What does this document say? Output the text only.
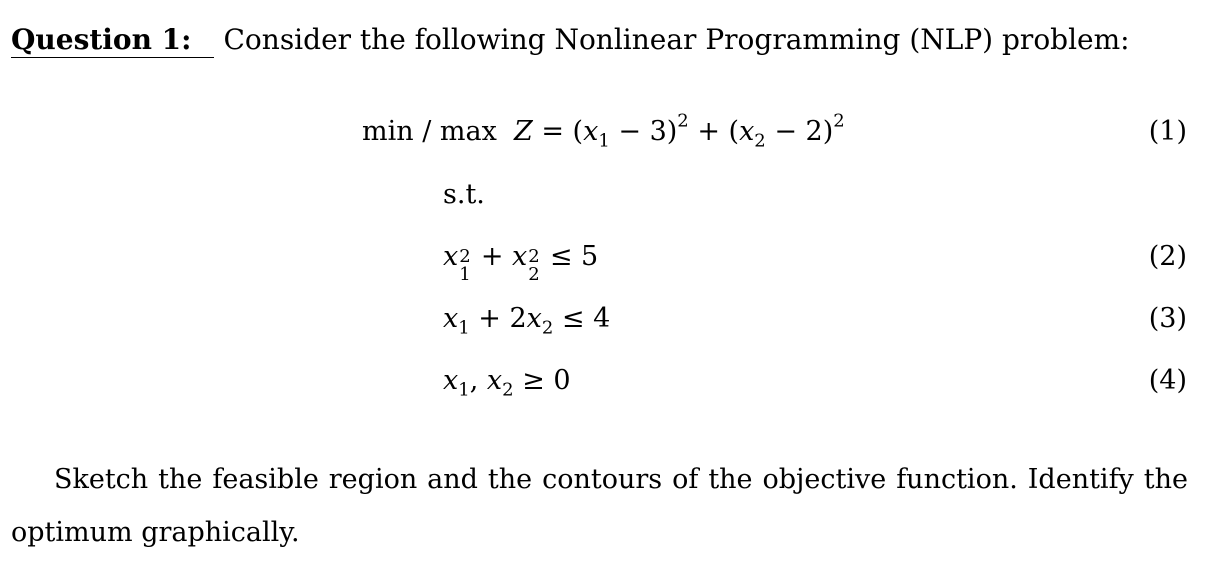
Question 1: Consider the following Nonlinear Programming (NLP) problem:
$\min / \max Z = (x_1 - 3)^2 + (x_2 - 2)^2$	(1)
s.t.
x 2
1
+ x 2
2
≤ 5	(2)
$x_1 + 2x_2 \le 4$	(3)
$x_1$, $x_2 \ge 0$	(4)
Sketch the feasible region and the contours of the objective function. Identify the
optimum graphically.
